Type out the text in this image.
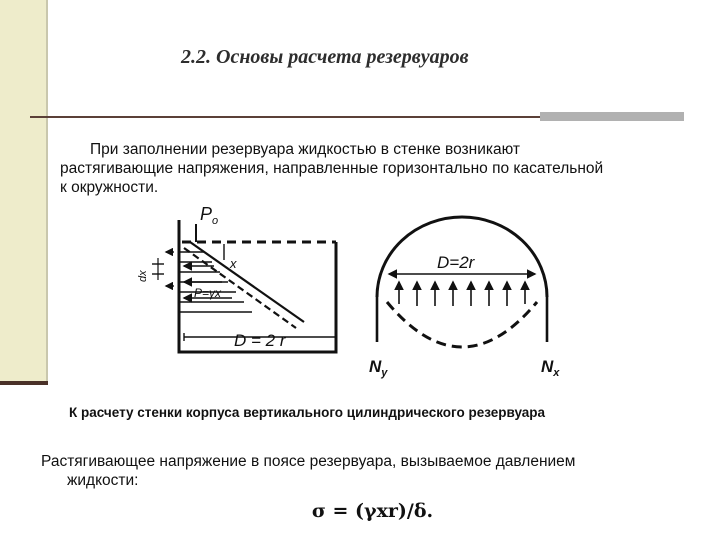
2.2. Основы расчета резервуаров
При заполнении резервуара жидкостью в стенке возникают
растягивающие напряжения, направленные горизонтально по касательной
к окружности.
$P_o$
x
dx
P=γx
D = 2 r
D=2r
$N_y$	$N_x$
К расчету стенки корпуса вертикального цилиндрического резервуара
Растягивающее напряжение в поясе резервуара, вызываемое давлением
жидкости:
σ = (γxr)/δ.
